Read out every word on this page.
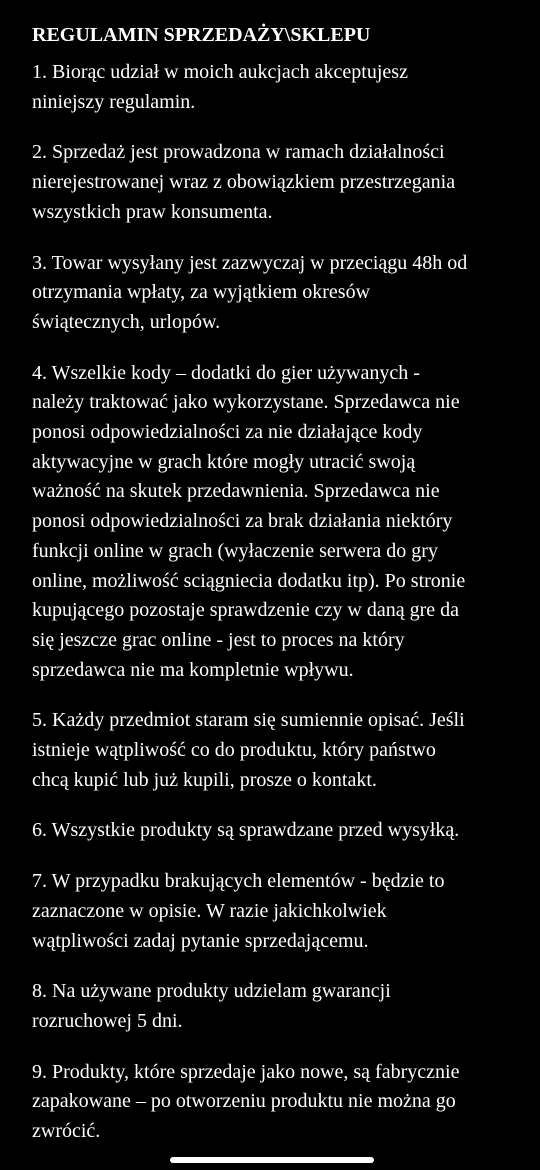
REGULAMIN SPRZEDAŻY\SKLEPU
1. Biorąc udział w moich aukcjach akceptujesz
niniejszy regulamin.
2. Sprzedaż jest prowadzona w ramach działalności
nierejestrowanej wraz z obowiązkiem przestrzegania
wszystkich praw konsumenta.
3. Towar wysyłany jest zazwyczaj w przeciągu 48h od
otrzymania wpłaty, za wyjątkiem okresów
świątecznych, urlopów.
4. Wszelkie kody – dodatki do gier używanych -
należy traktować jako wykorzystane. Sprzedawca nie
ponosi odpowiedzialności za nie działające kody
aktywacyjne w grach które mogły utracić swoją
ważność na skutek przedawnienia. Sprzedawca nie
ponosi odpowiedzialności za brak działania niektóry
funkcji online w grach (wyłaczenie serwera do gry
online, możliwość sciągniecia dodatku itp). Po stronie
kupującego pozostaje sprawdzenie czy w daną gre da
się jeszcze grac online - jest to proces na który
sprzedawca nie ma kompletnie wpływu.
5. Każdy przedmiot staram się sumiennie opisać. Jeśli
istnieje wątpliwość co do produktu, który państwo
chcą kupić lub już kupili, prosze o kontakt.
6. Wszystkie produkty są sprawdzane przed wysyłką.
7. W przypadku brakujących elementów - będzie to
zaznaczone w opisie. W razie jakichkolwiek
wątpliwości zadaj pytanie sprzedającemu.
8. Na używane produkty udzielam gwarancji
rozruchowej 5 dni.
9. Produkty, które sprzedaje jako nowe, są fabrycznie
zapakowane – po otworzeniu produktu nie można go
zwrócić.
